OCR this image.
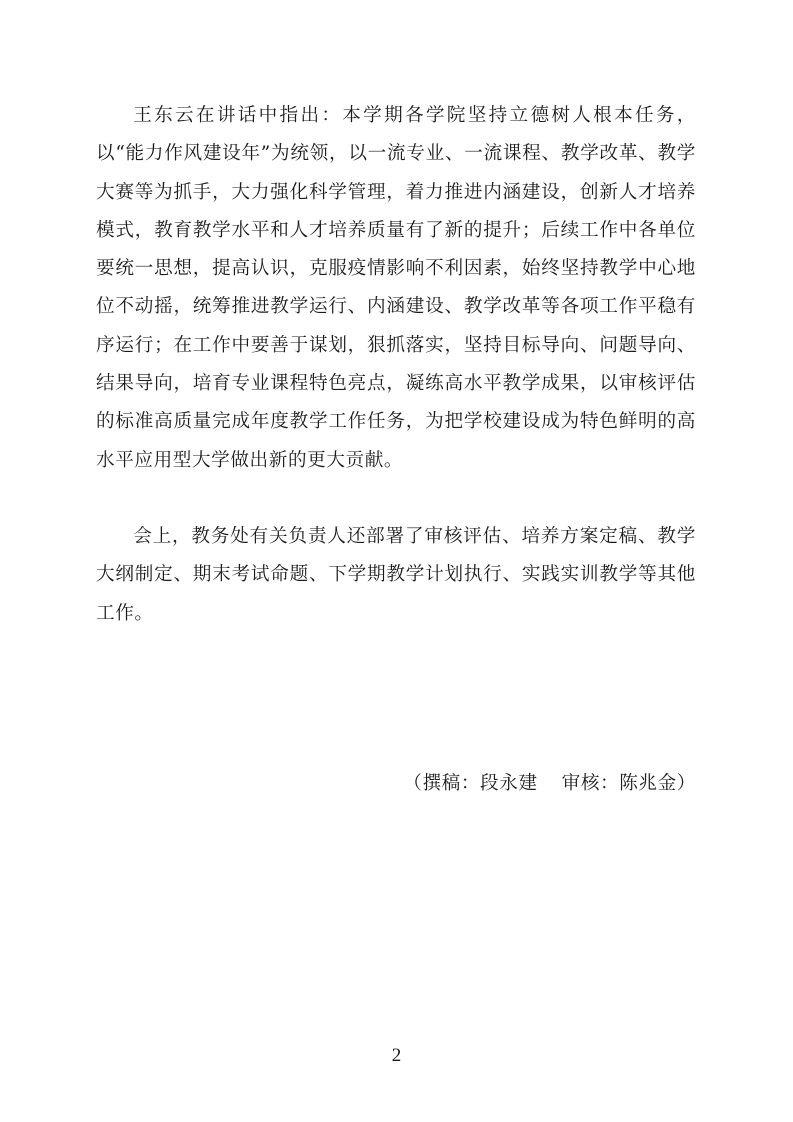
王东云在讲话中指出：本学期各学院坚持立德树人根本任务，以“能力作风建设年”为统领，以一流专业、一流课程、教学改革、教学大赛等为抓手，大力强化科学管理，着力推进内涵建设，创新人才培养模式，教育教学水平和人才培养质量有了新的提升；后续工作中各单位要统一思想，提高认识，克服疫情影响不利因素，始终坚持教学中心地位不动摇，统筹推进教学运行、内涵建设、教学改革等各项工作平稳有序运行；在工作中要善于谋划，狠抓落实，坚持目标导向、问题导向、结果导向，培育专业课程特色亮点，凝练高水平教学成果，以审核评估的标准高质量完成年度教学工作任务，为把学校建设成为特色鲜明的高水平应用型大学做出新的更大贡献。

会上，教务处有关负责人还部署了审核评估、培养方案定稿、教学大纲制定、期末考试命题、下学期教学计划执行、实践实训教学等其他工作。

（撰稿：段永建 审核：陈兆金）
2
